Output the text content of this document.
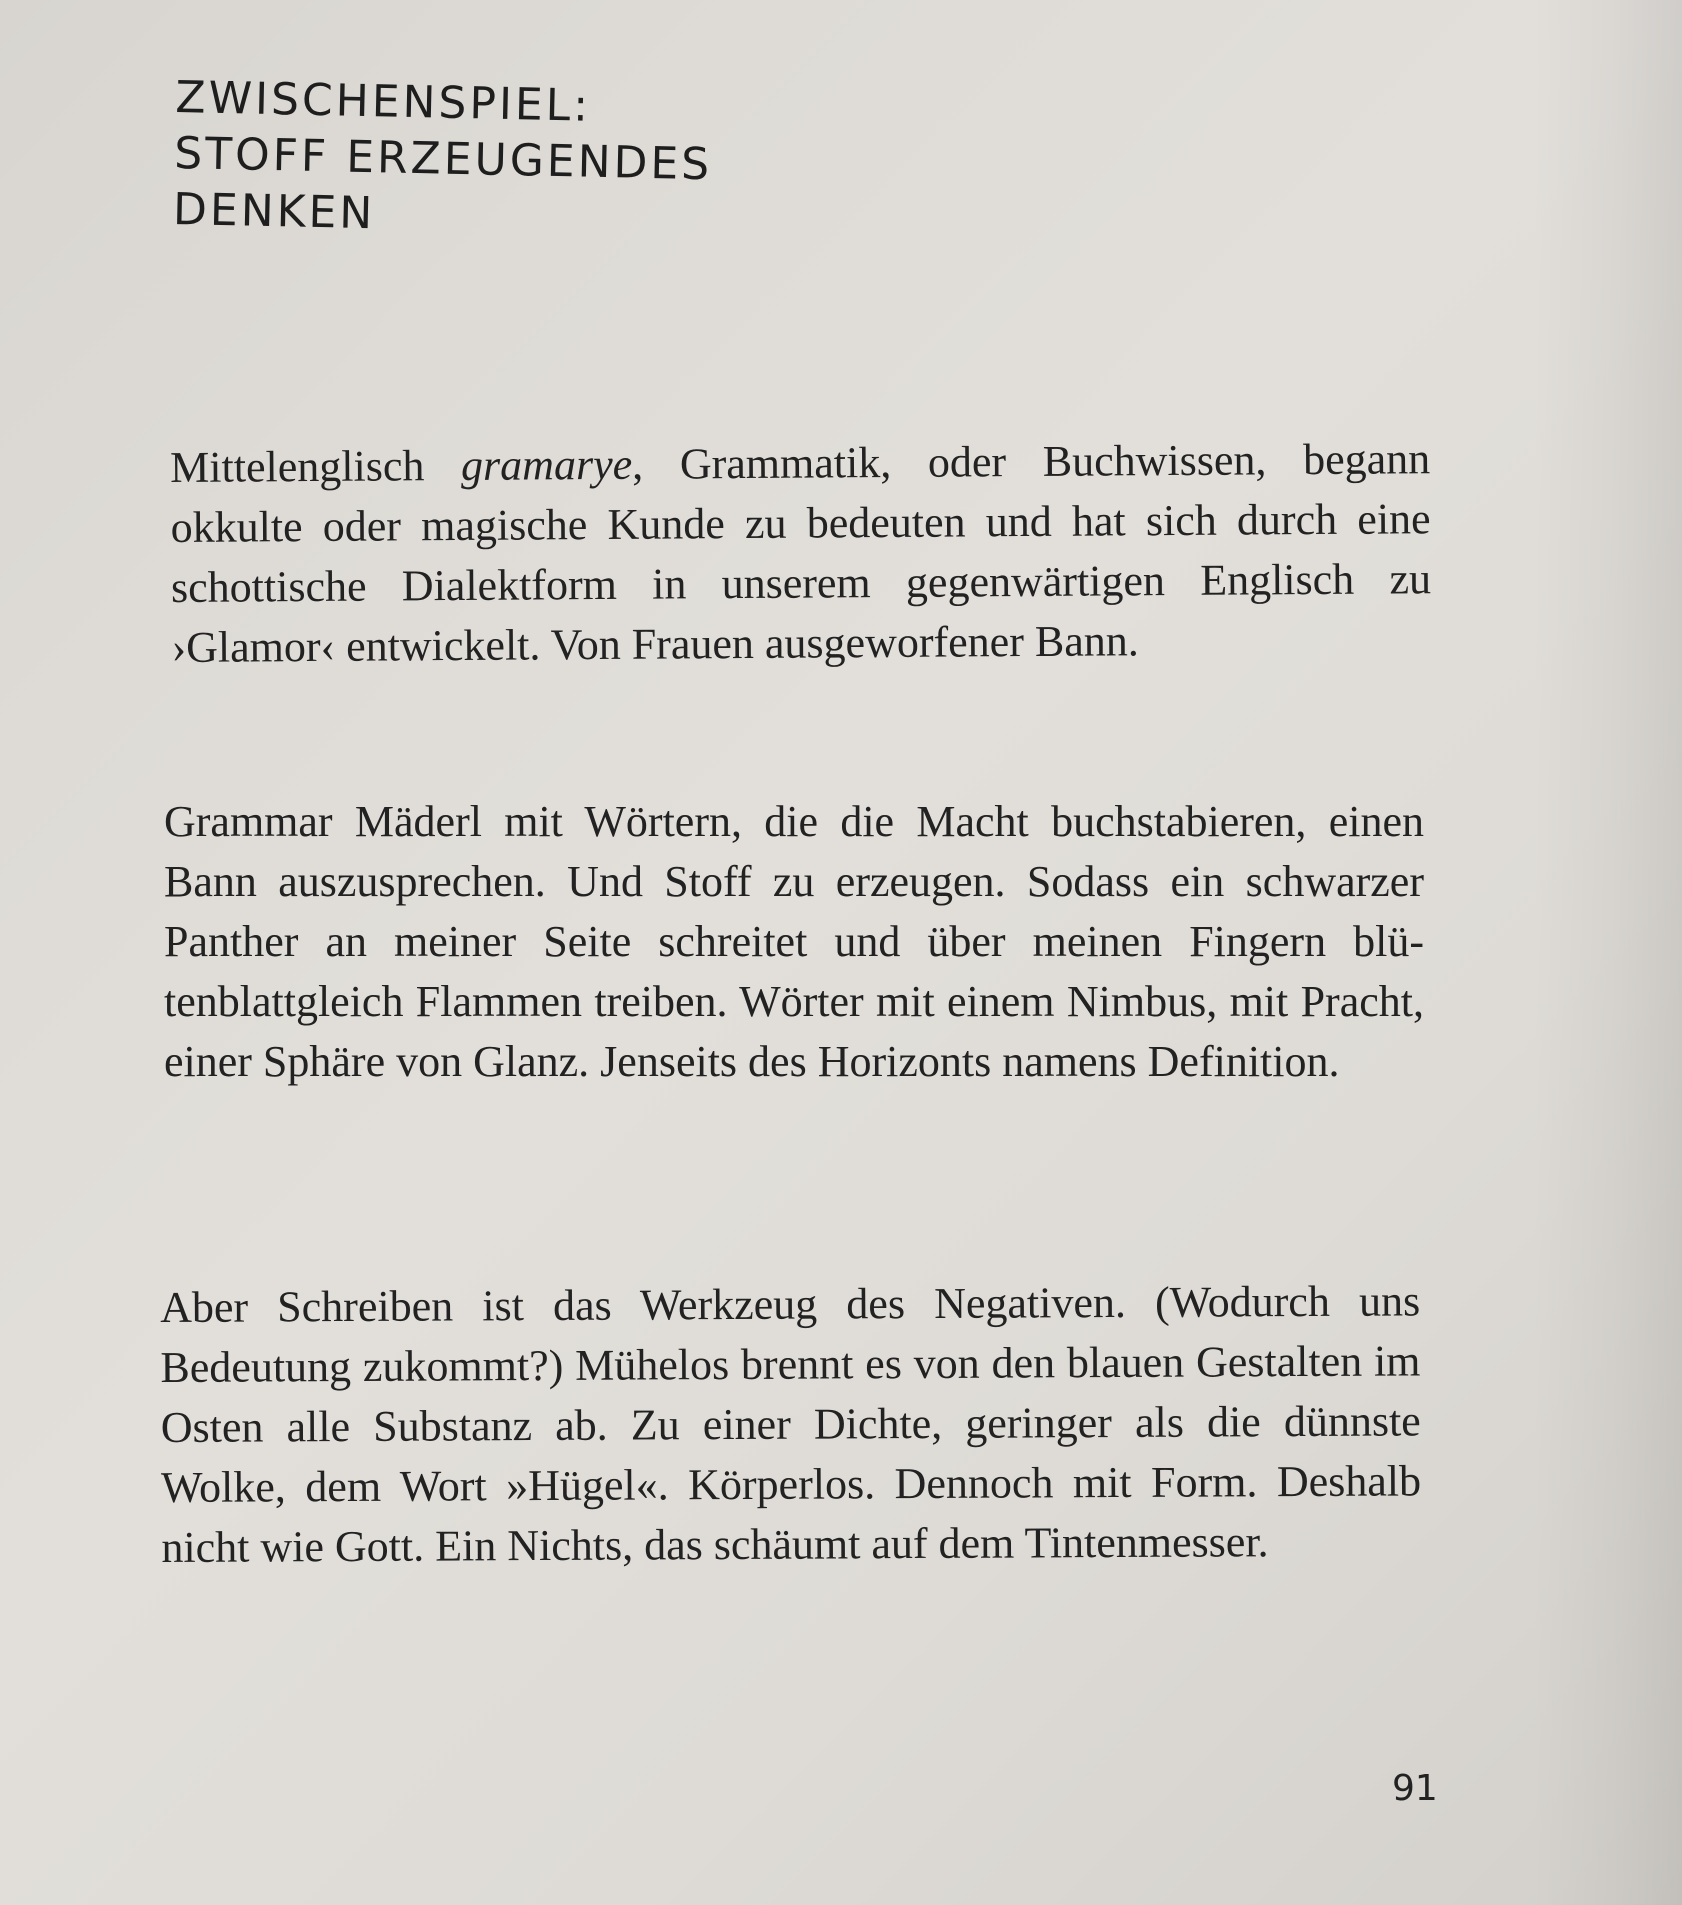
ZWISCHENSPIEL:
STOFF ERZEUGENDES
DENKEN

Mittelenglisch gramarye, Grammatik, oder Buchwissen, begann okkulte oder magische Kunde zu bedeuten und hat sich durch eine schottische Dialektform in unserem gegenwärtigen Englisch zu ›Glamor‹ entwickelt. Von Frauen ausgeworfener Bann.

Grammar Mäderl mit Wörtern, die die Macht buchstabieren, einen Bann auszusprechen. Und Stoff zu erzeugen. Sodass ein schwarzer Panther an meiner Seite schreitet und über meinen Fingern blütenblattgleich Flammen treiben. Wörter mit einem Nimbus, mit Pracht, einer Sphäre von Glanz. Jenseits des Horizonts namens Definition.

Aber Schreiben ist das Werkzeug des Negativen. (Wodurch uns Bedeutung zukommt?) Mühelos brennt es von den blauen Gestalten im Osten alle Substanz ab. Zu einer Dichte, geringer als die dünnste Wolke, dem Wort »Hügel«. Körperlos. Dennoch mit Form. Deshalb nicht wie Gott. Ein Nichts, das schäumt auf dem Tintenmesser.

91
